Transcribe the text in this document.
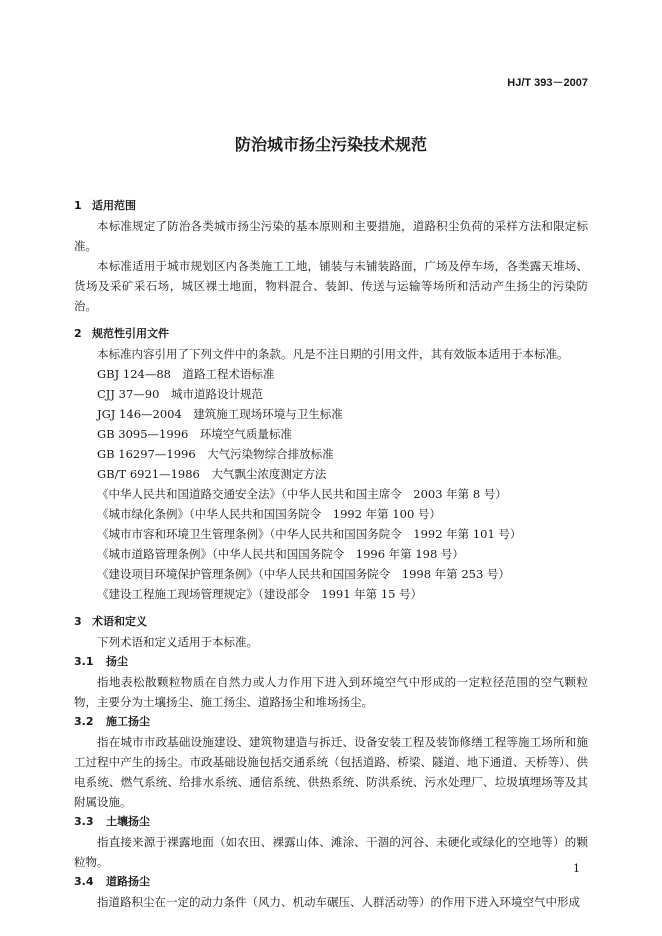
HJ/T 393－2007
防治城市扬尘污染技术规范
1 适用范围

本标准规定了防治各类城市扬尘污染的基本原则和主要措施，道路积尘负荷的采样方法和限定标准。

本标准适用于城市规划区内各类施工工地，铺装与未铺装路面，广场及停车场，各类露天堆场、货场及采矿采石场，城区裸土地面，物料混合、装卸、传送与运输等场所和活动产生扬尘的污染防治。

2 规范性引用文件

本标准内容引用了下列文件中的条款。凡是不注日期的引用文件，其有效版本适用于本标准。

GBJ 124—88　道路工程术语标准

CJJ 37—90　城市道路设计规范

JGJ 146—2004　建筑施工现场环境与卫生标准

GB 3095—1996　环境空气质量标准

GB 16297—1996　大气污染物综合排放标准

GB/T 6921—1986　大气飘尘浓度测定方法

《中华人民共和国道路交通安全法》（中华人民共和国主席令　2003 年第 8 号）

《城市绿化条例》（中华人民共和国国务院令　1992 年第 100 号）

《城市市容和环境卫生管理条例》（中华人民共和国国务院令　1992 年第 101 号）

《城市道路管理条例》（中华人民共和国国务院令　1996 年第 198 号）

《建设项目环境保护管理条例》（中华人民共和国国务院令　1998 年第 253 号）

《建设工程施工现场管理规定》（建设部令　1991 年第 15 号）

3 术语和定义

下列术语和定义适用于本标准。

3.1 扬尘

指地表松散颗粒物质在自然力或人力作用下进入到环境空气中形成的一定粒径范围的空气颗粒物，主要分为土壤扬尘、施工扬尘、道路扬尘和堆场扬尘。

3.2 施工扬尘

指在城市市政基础设施建设、建筑物建造与拆迁、设备安装工程及装饰修缮工程等施工场所和施工过程中产生的扬尘。市政基础设施包括交通系统（包括道路、桥梁、隧道、地下通道、天桥等）、供电系统、燃气系统、给排水系统、通信系统、供热系统、防洪系统、污水处理厂、垃圾填埋场等及其附属设施。

3.3 土壤扬尘

指直接来源于裸露地面（如农田、裸露山体、滩涂、干涸的河谷、未硬化或绿化的空地等）的颗粒物。

3.4 道路扬尘

指道路积尘在一定的动力条件（风力、机动车碾压、人群活动等）的作用下进入环境空气中形成

1
